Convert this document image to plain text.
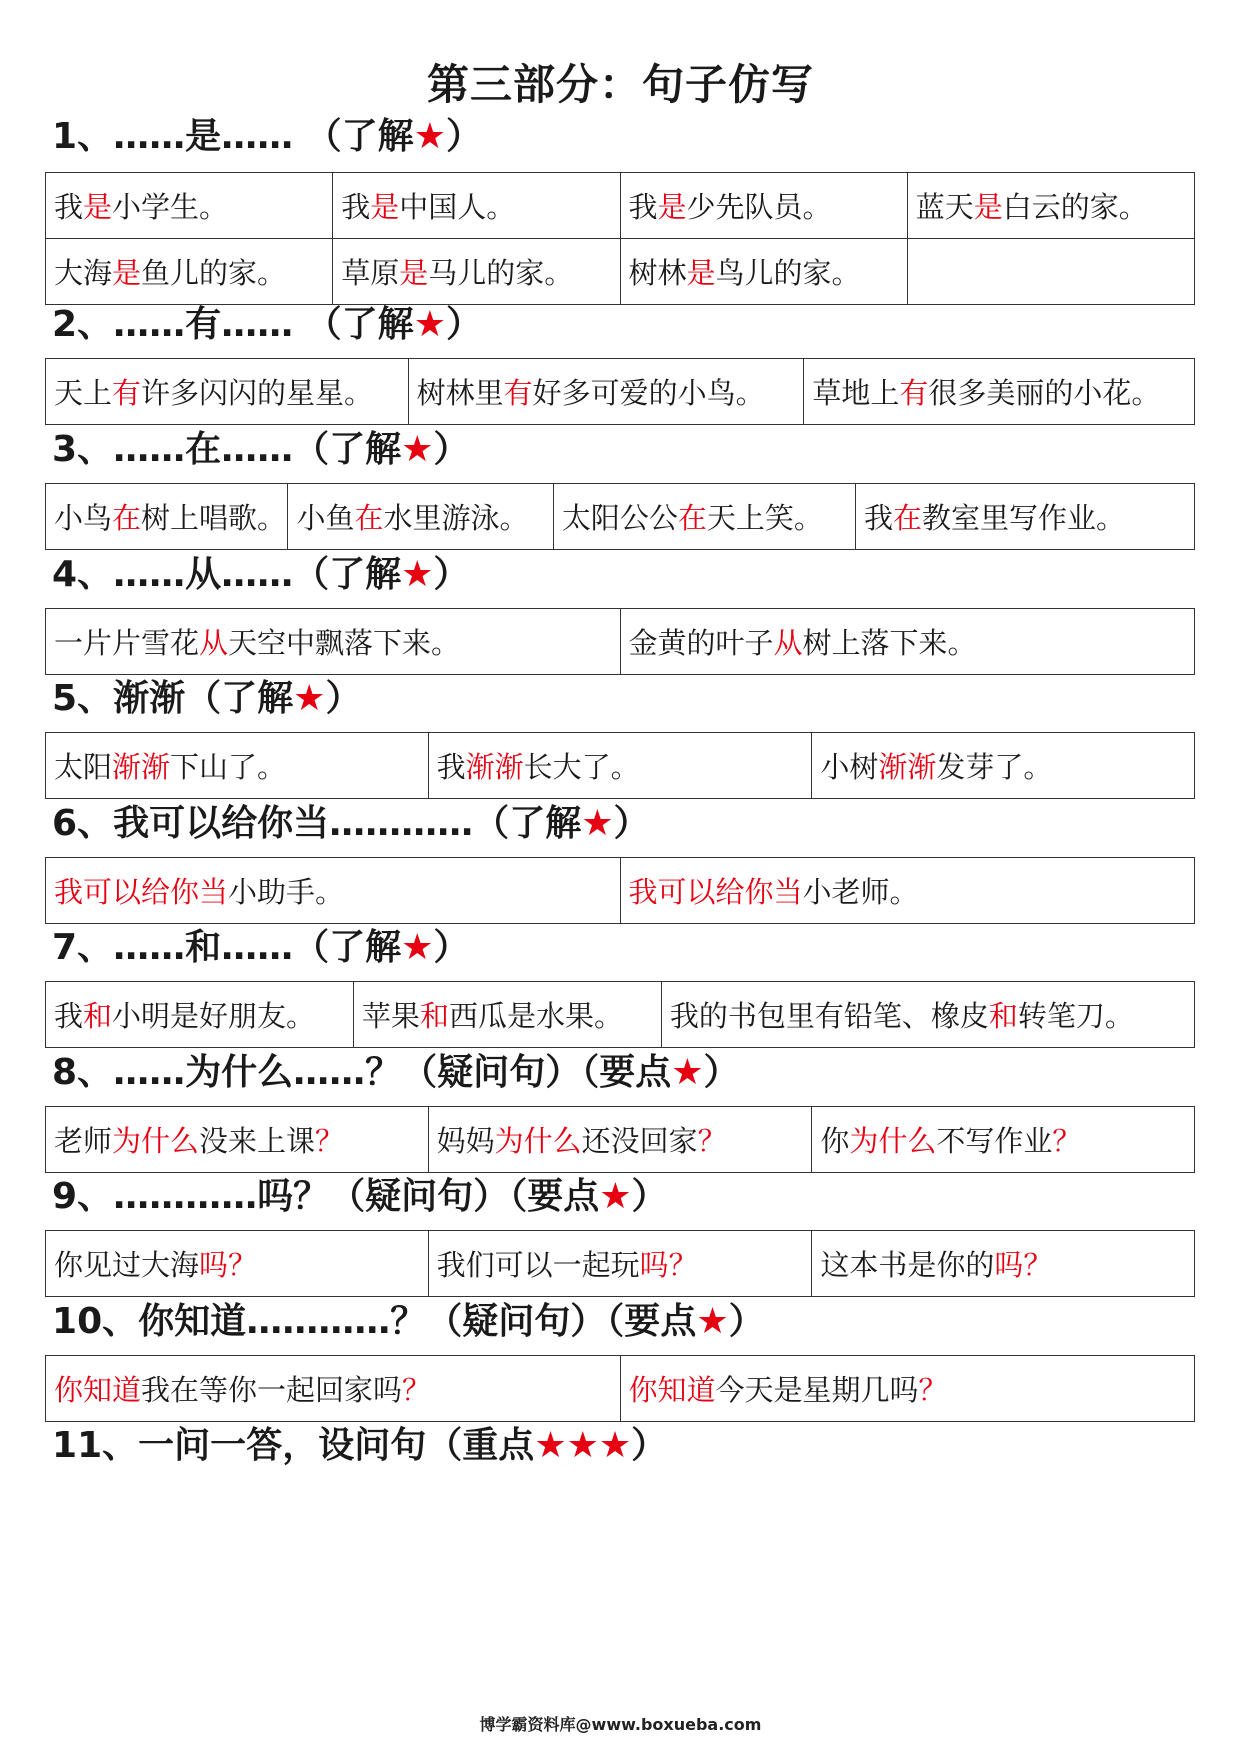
第三部分：句子仿写
1、……是…… （了解★）
我是小学生。	我是中国人。	我是少先队员。	蓝天是白云的家。
大海是鱼儿的家。	草原是马儿的家。	树林是鸟儿的家。	
2、……有…… （了解★）
天上有许多闪闪的星星。	树林里有好多可爱的小鸟。	草地上有很多美丽的小花。
3、……在……（了解★）
小鸟在树上唱歌。	小鱼在水里游泳。	太阳公公在天上笑。	我在教室里写作业。
4、……从……（了解★）
一片片雪花从天空中飘落下来。	金黄的叶子从树上落下来。
5、渐渐（了解★）
太阳渐渐下山了。	我渐渐长大了。	小树渐渐发芽了。
6、我可以给你当…………（了解★）
我可以给你当小助手。	我可以给你当小老师。
7、……和……（了解★）
我和小明是好朋友。	苹果和西瓜是水果。	我的书包里有铅笔、橡皮和转笔刀。
8、……为什么……？（疑问句）（要点★）
老师为什么没来上课？	妈妈为什么还没回家？	你为什么不写作业？
9、…………吗？（疑问句）（要点★）
你见过大海吗？	我们可以一起玩吗？	这本书是你的吗？
10、你知道…………？（疑问句）（要点★）
你知道我在等你一起回家吗？	你知道今天是星期几吗？
11、一问一答，设问句（重点★★★）
博学霸资料库@www.boxueba.com
